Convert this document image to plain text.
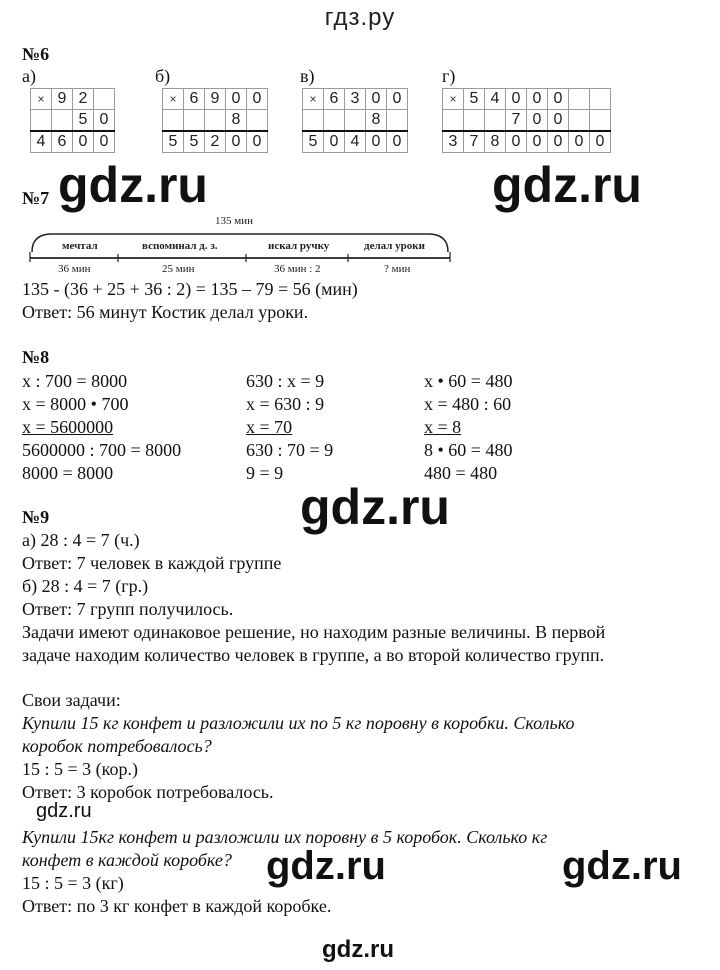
гдз.ру
№6
а)	б)	в)	г)
×	9	2	
		5	0
4	6	0	0
×	6	9	0	0
			8	
5	5	2	0	0
×	6	3	0	0
			8	
5	0	4	0	0
×	5	4	0	0	0		
			7	0	0		
3	7	8	0	0	0	0	0
gdz.ru	gdz.ru
№7
135 мин
мечтал	вспоминал д. з.	искал ручку	делал уроки
36 мин	25 мин	36 мин : 2	? мин
135 - (36 + 25 + 36 : 2) = 135 – 79 = 56 (мин)
Ответ: 56 минут Костик делал уроки.
№8
x : 700 = 8000
x = 8000 • 700
x = 5600000
5600000 : 700 = 8000
8000 = 8000
630 : x = 9
x = 630 : 9
x = 70
630 : 70 = 9
9 = 9
x • 60 = 480
x = 480 : 60
x = 8
8 • 60 = 480
480 = 480
gdz.ru
№9
а) 28 : 4 = 7 (ч.)
Ответ: 7 человек в каждой группе
б) 28 : 4 = 7 (гр.)
Ответ: 7 групп получилось.
Задачи имеют одинаковое решение, но находим разные величины. В первой
задаче находим количество человек в группе, а во второй количество групп.
Свои задачи:
Купили 15 кг конфет и разложили их по 5 кг поровну в коробки. Сколько
коробок потребовалось?
15 : 5 = 3 (кор.)
Ответ: 3 коробок потребовалось.
gdz.ru
Купили 15кг конфет и разложили их поровну в 5 коробок. Сколько кг
конфет в каждой коробке?
15 : 5 = 3 (кг)
Ответ: по 3 кг конфет в каждой коробке.
gdz.ru	gdz.ru
gdz.ru
